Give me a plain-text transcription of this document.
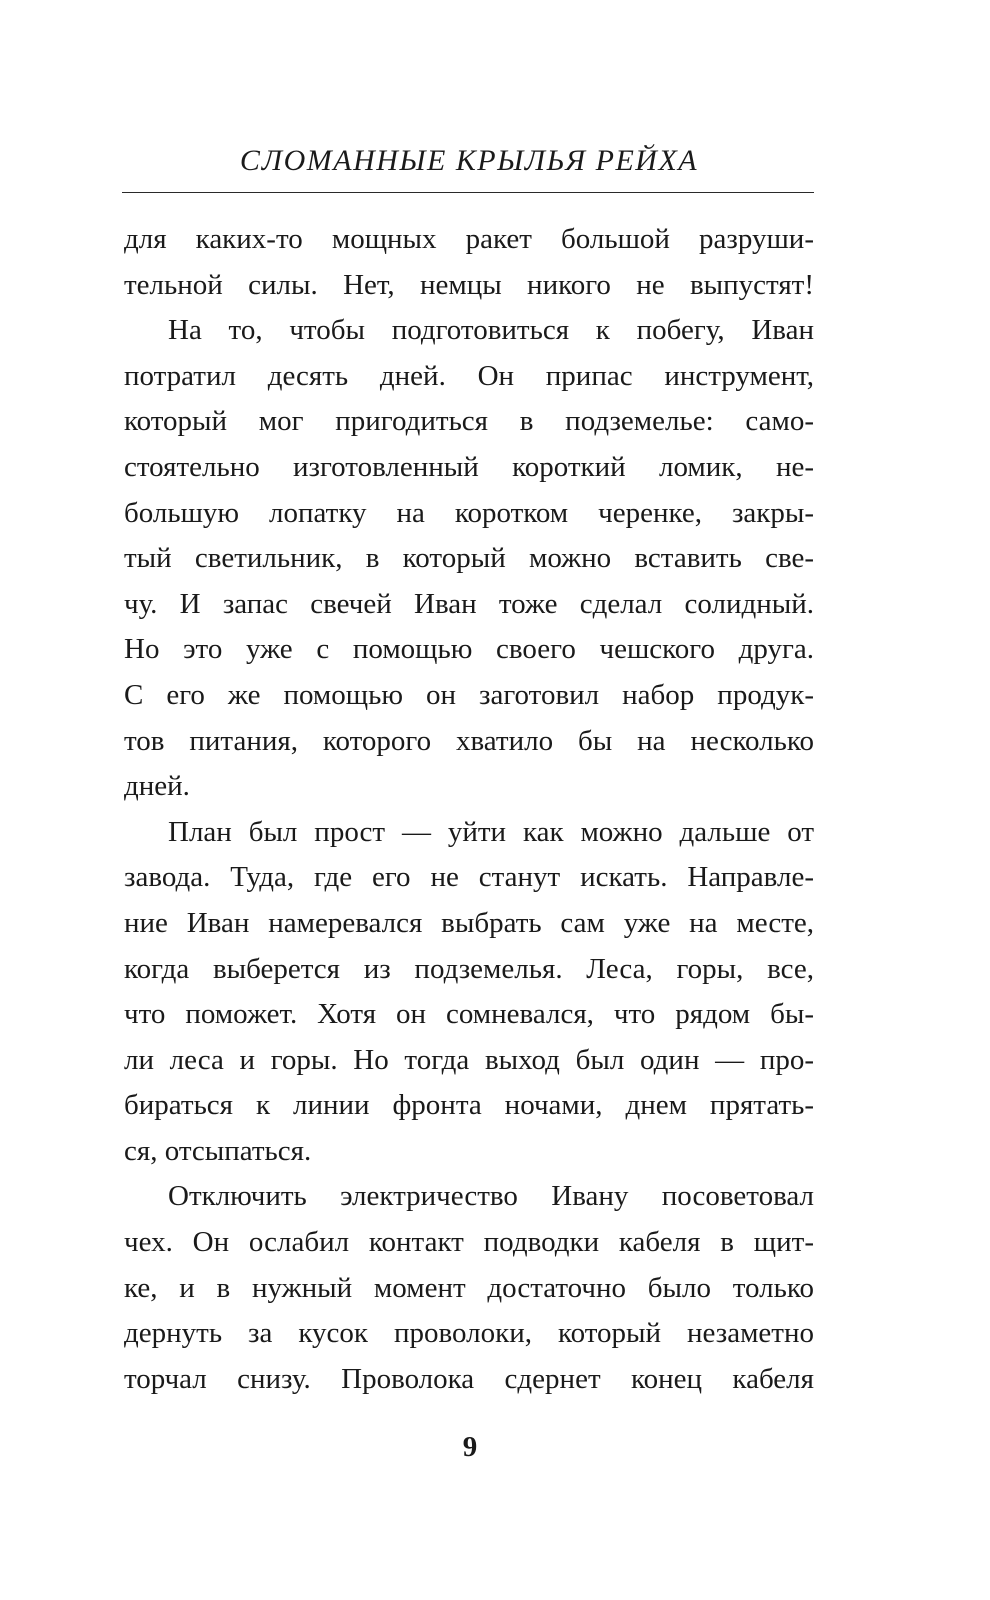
СЛОМАННЫЕ КРЫЛЬЯ РЕЙХА
для каких-то мощных ракет большой разруши-
тельной силы. Нет, немцы никого не выпустят!
На то, чтобы подготовиться к побегу, Иван
потратил десять дней. Он припас инструмент,
который мог пригодиться в подземелье: само-
стоятельно изготовленный короткий ломик, не-
большую лопатку на коротком черенке, закры-
тый светильник, в который можно вставить све-
чу. И запас свечей Иван тоже сделал солидный.
Но это уже с помощью своего чешского друга.
С его же помощью он заготовил набор продук-
тов питания, которого хватило бы на несколько
дней.
План был прост — уйти как можно дальше от
завода. Туда, где его не станут искать. Направле-
ние Иван намеревался выбрать сам уже на месте,
когда выберется из подземелья. Леса, горы, все,
что поможет. Хотя он сомневался, что рядом бы-
ли леса и горы. Но тогда выход был один — про-
бираться к линии фронта ночами, днем прятать-
ся, отсыпаться.
Отключить электричество Ивану посоветовал
чех. Он ослабил контакт подводки кабеля в щит-
ке, и в нужный момент достаточно было только
дернуть за кусок проволоки, который незаметно
торчал снизу. Проволока сдернет конец кабеля
9
